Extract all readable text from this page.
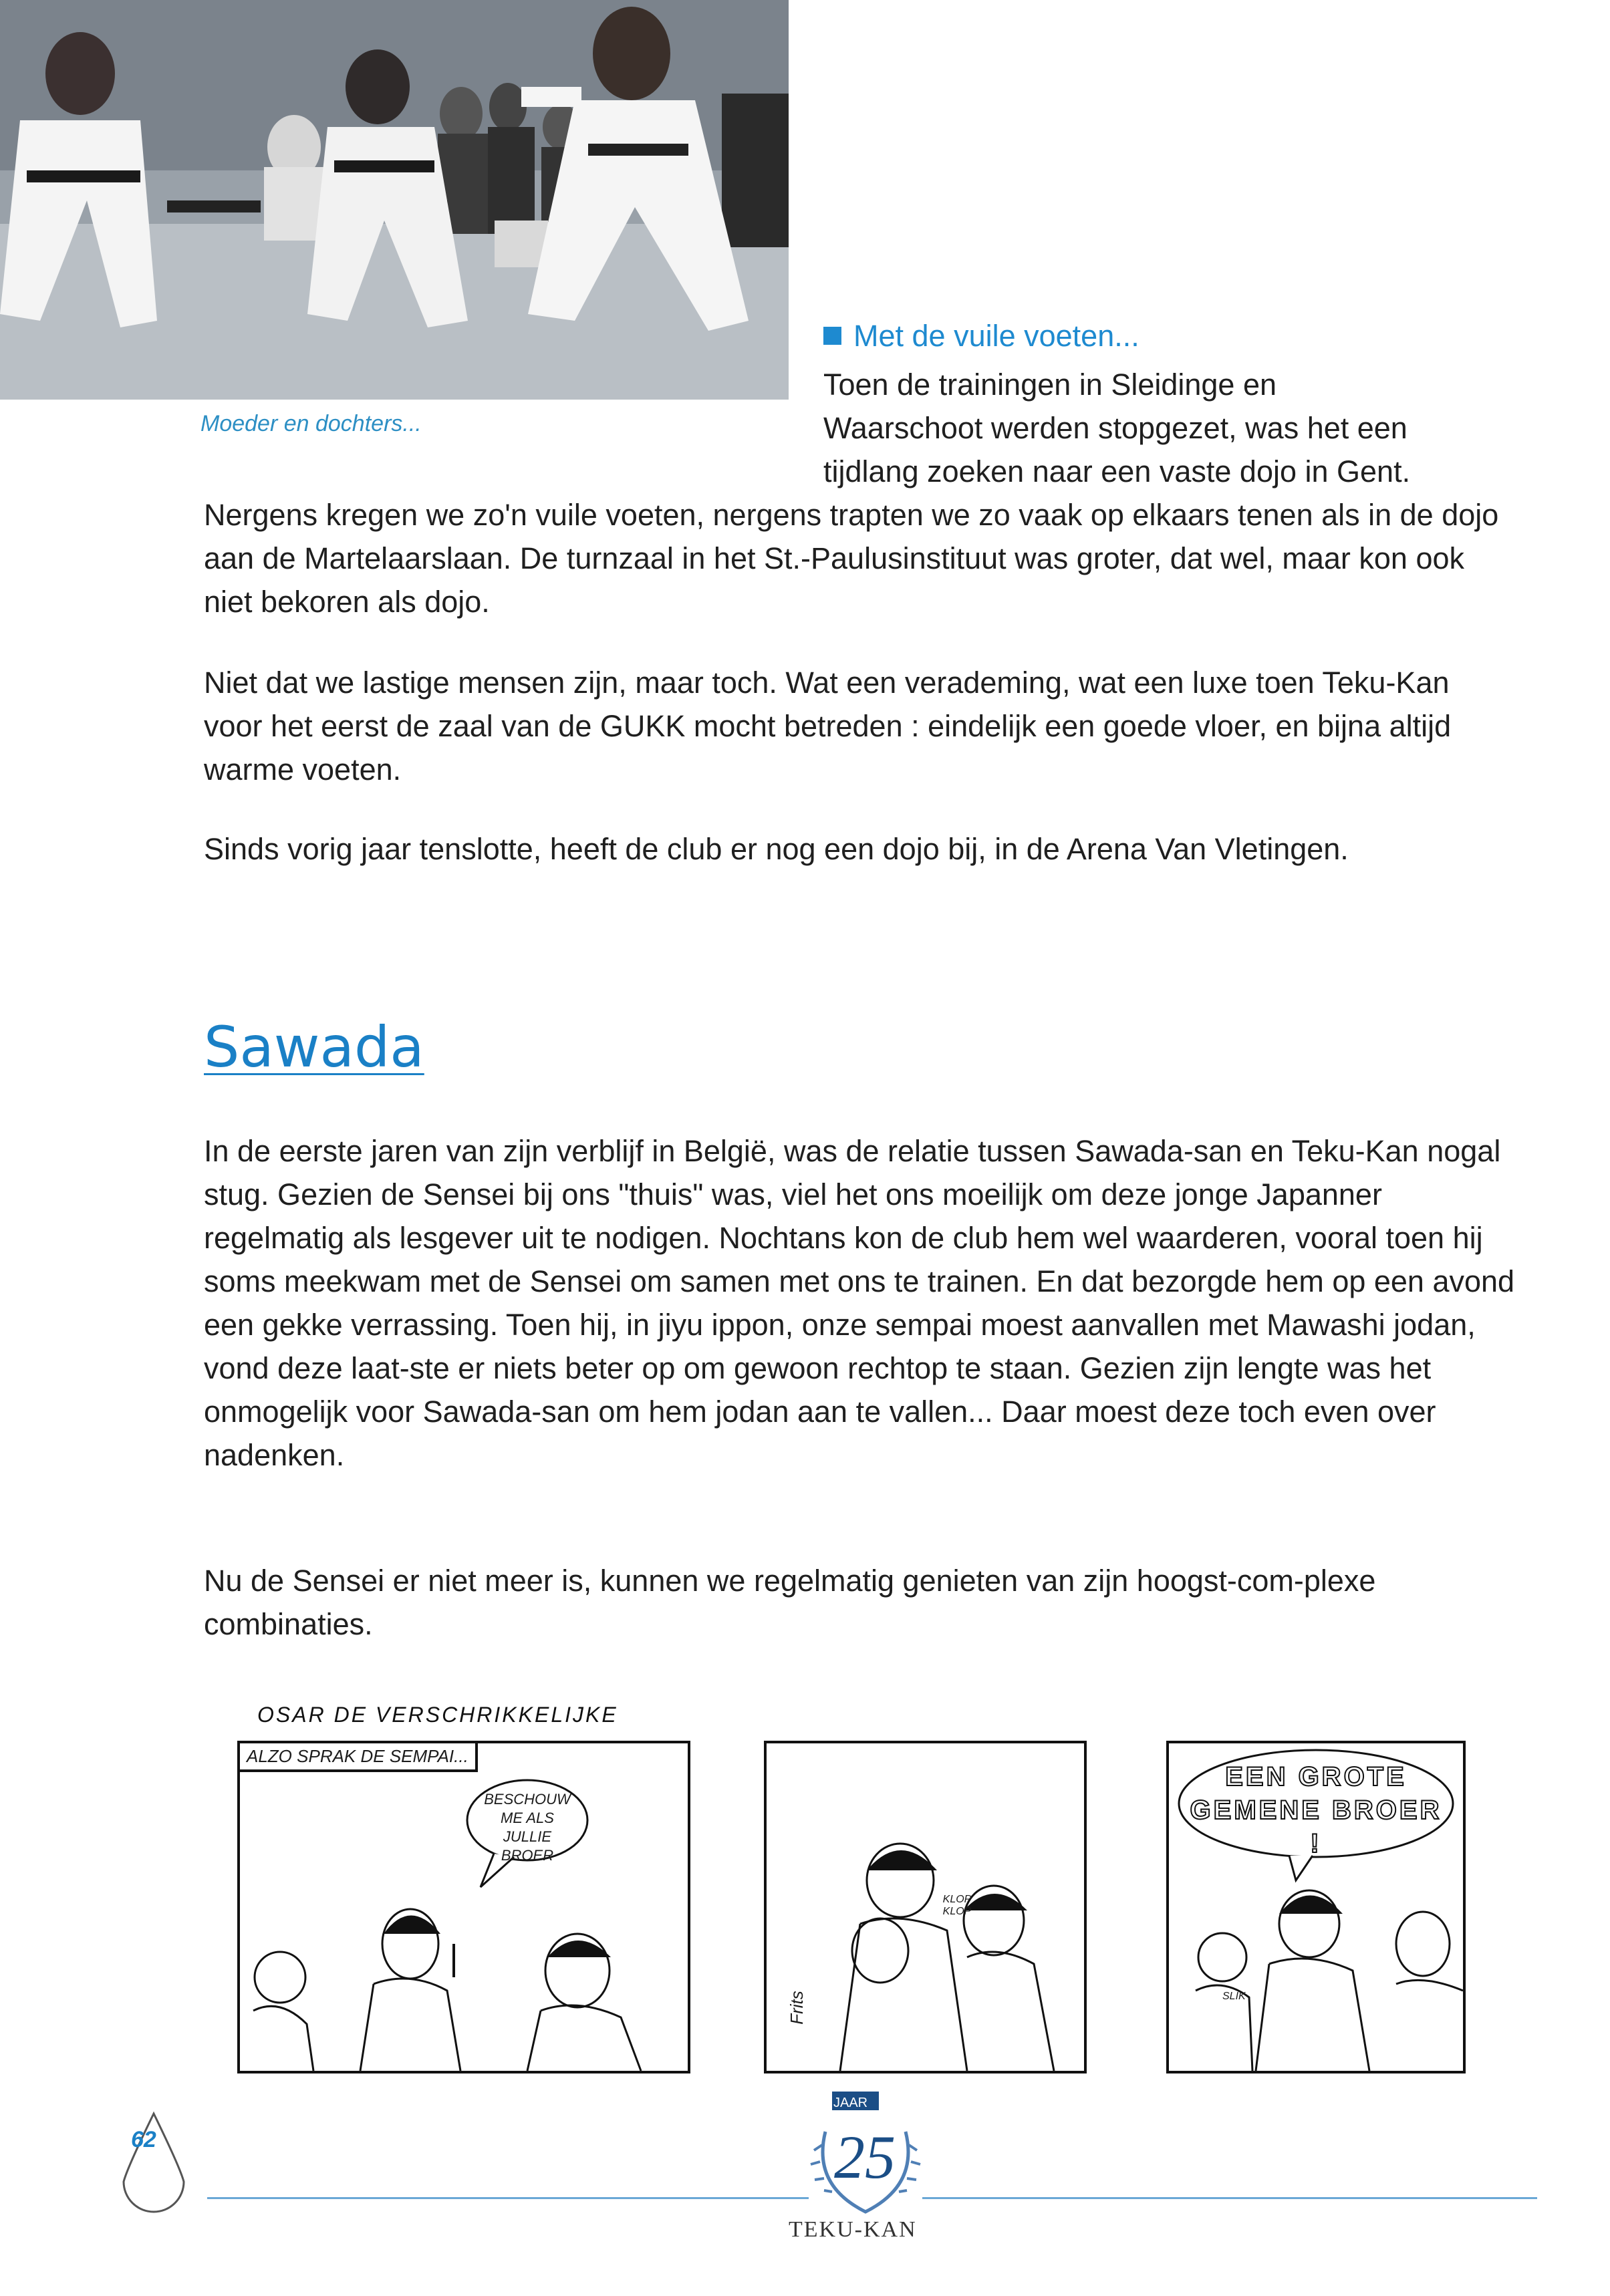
Moeder en dochters...
Met de vuile voeten...
Toen de trainingen in Sleidinge en
Waarschoot werden stopgezet, was het een
tijdlang zoeken naar een vaste dojo in Gent.
Nergens kregen we zo'n vuile voeten, nergens trapten we zo vaak op elkaars tenen als in de dojo aan de Martelaarslaan. De turnzaal in het St.-Paulusinstituut was groter, dat wel, maar kon ook niet bekoren als dojo.
Niet dat we lastige mensen zijn, maar toch. Wat een verademing, wat een luxe toen Teku-Kan voor het eerst de zaal van de GUKK mocht betreden : eindelijk een goede vloer, en bijna altijd warme voeten.
Sinds vorig jaar tenslotte, heeft de club er nog een dojo bij, in de Arena Van Vletingen.
Sawada
In de eerste jaren van zijn verblijf in België, was de relatie tussen Sawada-san en Teku-Kan nogal stug. Gezien de Sensei bij ons "thuis" was, viel het ons moeilijk om deze jonge Japanner regelmatig als lesgever uit te nodigen. Nochtans kon de club hem wel waarderen, vooral toen hij soms meekwam met de Sensei om samen met ons te trainen. En dat bezorgde hem op een avond een gekke verrassing. Toen hij, in jiyu ippon, onze sempai moest aanvallen met Mawashi jodan, vond deze laat-ste er niets beter op om gewoon rechtop te staan. Gezien zijn lengte was het onmogelijk voor Sawada-san om hem jodan aan te vallen... Daar moest deze toch even over nadenken.
Nu de Sensei er niet meer is, kunnen we regelmatig genieten van zijn hoogst-com-plexe combinaties.
OSAR DE VERSCHRIKKELIJKE
ALZO SPRAK DE SEMPAI...
BESCHOUW ME ALS JULLIE BROER
KLOP KLOP
Frits
EEN GROTE GEMENE BROER !
SLIK
62
JAAR
25
TEKU-KAN
